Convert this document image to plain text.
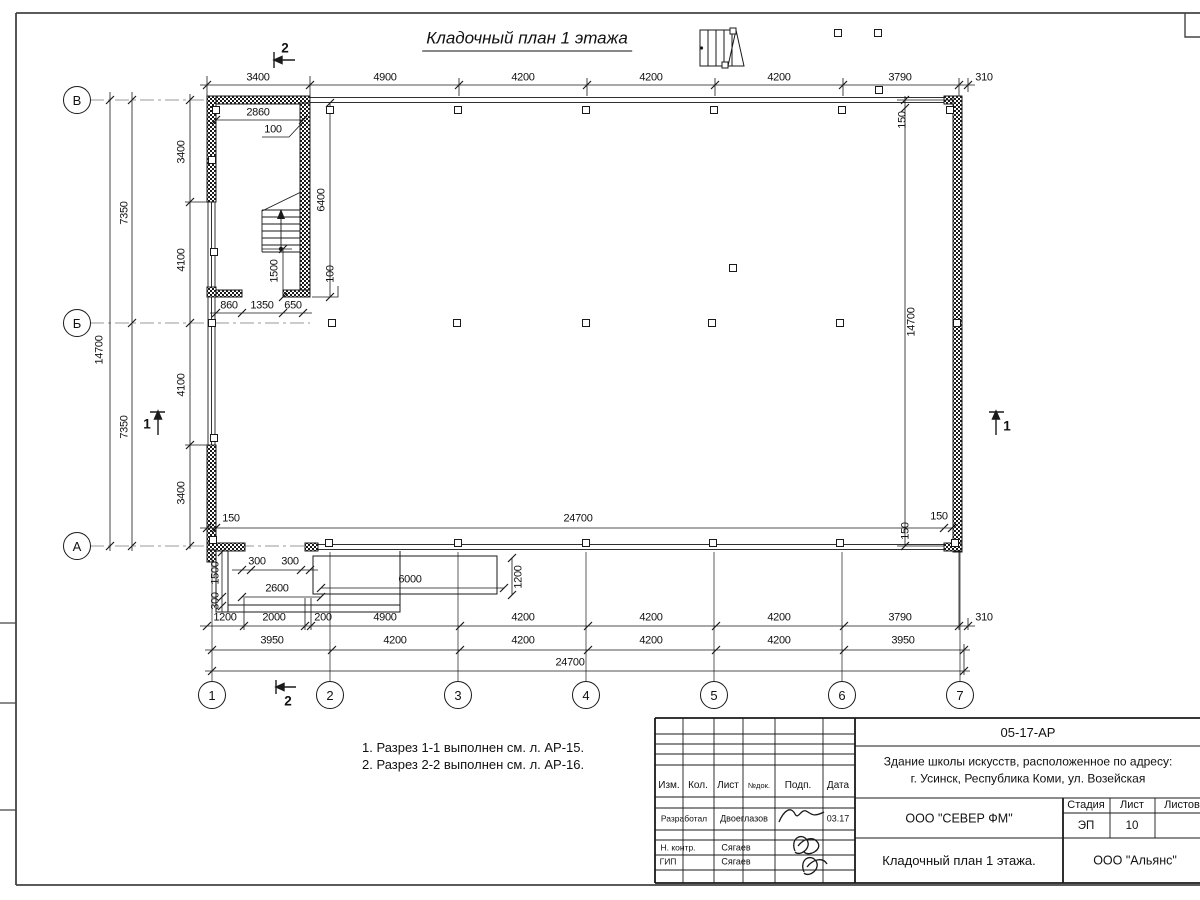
Кладочный план 1 этажа
1. Разрез 1-1 выполнен см. л. АР-15.
2. Разрез 2-2 выполнен см. л. АР-16.
3400	4900	4200	4200	4200	3790	310
14700
7350
7350
3400
4100
4100
3400
2860
100
6400
1500	100
860 1350 650
150
14700
150
150
150	24700
300 300
1500
300
2600
6000	1200
1200 2000	200	4900	4200	4200	4200	3790	310
3950	4200	4200	4200	4200	3950
24700
2
2
1	1
В
Б
А
1	2	3	4	5	6	7
05-17-АР
Здание школы искусств, расположенное по адресу:
г. Усинск, Республика Коми, ул. Возейская
Изм. Кол. Лист №док. Подп. Дата
Разработал Двоеглазов	03.17
Н. контр.	Сягаев
ГИП	Сягаев
ООО "СЕВЕР ФМ"
Кладочный план 1 этажа.	ООО "Альянс"
Стадия Лист Листов
ЭП	10
